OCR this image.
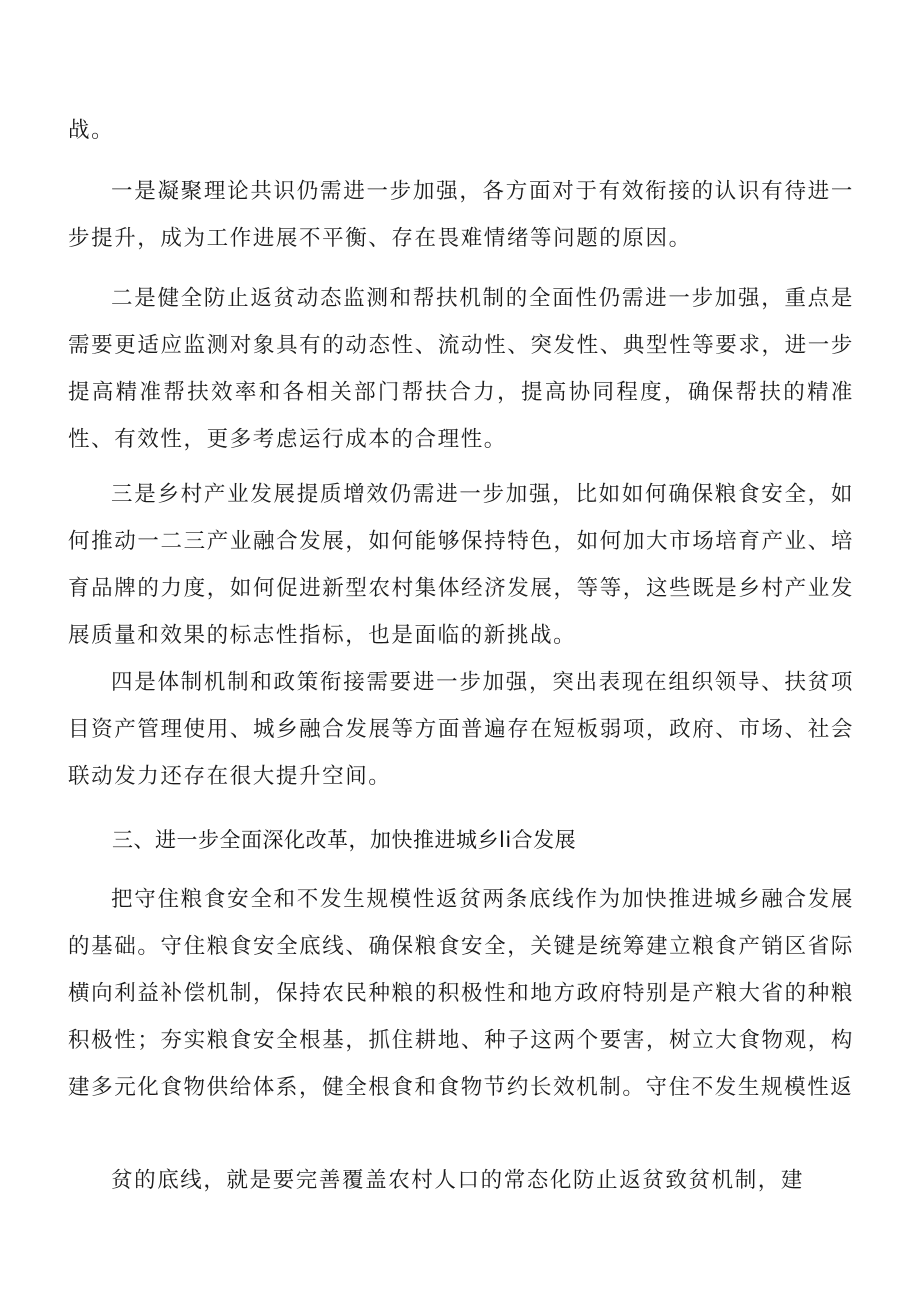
战。

一是凝聚理论共识仍需进一步加强，各方面对于有效衔接的认识有待进一步提升，成为工作进展不平衡、存在畏难情绪等问题的原因。

二是健全防止返贫动态监测和帮扶机制的全面性仍需进一步加强，重点是需要更适应监测对象具有的动态性、流动性、突发性、典型性等要求，进一步提高精准帮扶效率和各相关部门帮扶合力，提高协同程度，确保帮扶的精准性、有效性，更多考虑运行成本的合理性。

三是乡村产业发展提质增效仍需进一步加强，比如如何确保粮食安全，如何推动一二三产业融合发展，如何能够保持特色，如何加大市场培育产业、培育品牌的力度，如何促进新型农村集体经济发展，等等，这些既是乡村产业发展质量和效果的标志性指标，也是面临的新挑战。

四是体制机制和政策衔接需要进一步加强，突出表现在组织领导、扶贫项目资产管理使用、城乡融合发展等方面普遍存在短板弱项，政府、市场、社会联动发力还存在很大提升空间。

三、进一步全面深化改革，加快推进城乡li合发展

把守住粮食安全和不发生规模性返贫两条底线作为加快推进城乡融合发展的基础。守住粮食安全底线、确保粮食安全，关键是统筹建立粮食产销区省际横向利益补偿机制，保持农民种粮的积极性和地方政府特别是产粮大省的种粮积极性；夯实粮食安全根基，抓住耕地、种子这两个要害，树立大食物观，构建多元化食物供给体系，健全根食和食物节约长效机制。守住不发生规模性返

贫的底线，就是要完善覆盖农村人口的常态化防止返贫致贫机制，建
